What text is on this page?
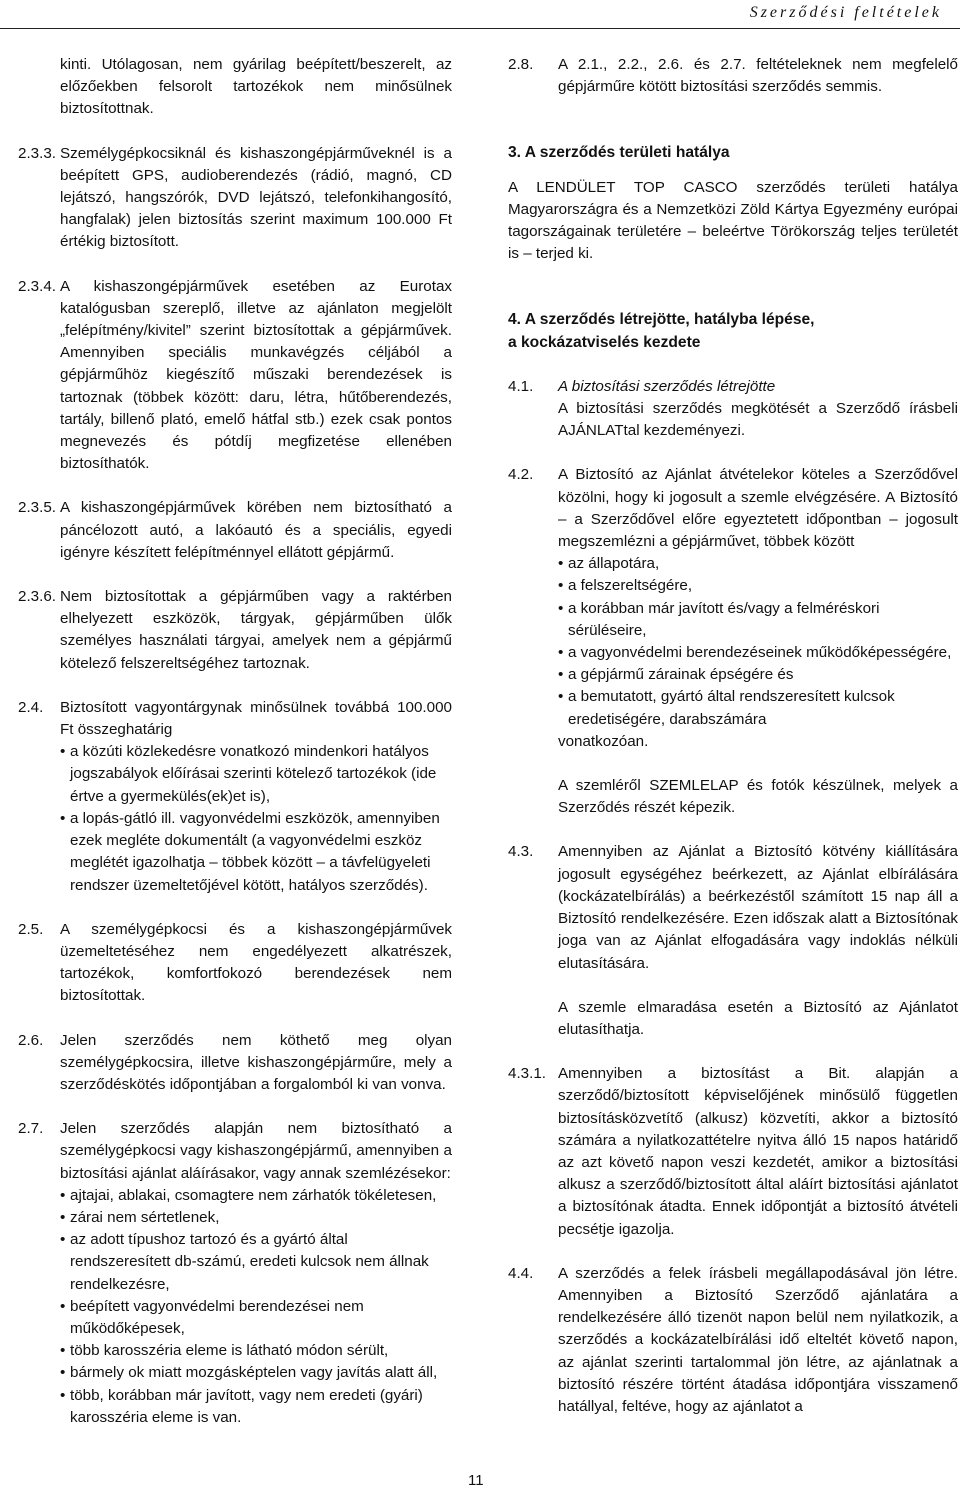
Szerződési feltételek
kinti. Utólagosan, nem gyárilag beépített/beszerelt, az előzőekben felsorolt tartozékok nem minősülnek biztosítottnak.
2.3.3. Személygépkocsiknál és kishaszongépjárműveknél is a beépített GPS, audioberendezés (rádió, magnó, CD lejátszó, hangszórók, DVD lejátszó, telefonkihangosító, hangfalak) jelen biztosítás szerint maximum 100.000 Ft értékig biztosított.
2.3.4. A kishaszongépjárművek esetében az Eurotax katalógusban szereplő, illetve az ajánlaton megjelölt „felépítmény/kivitel” szerint biztosítottak a gépjárművek. Amennyiben speciális munkavégzés céljából a gépjárműhöz kiegészítő műszaki berendezések is tartoznak (többek között: daru, létra, hűtőberendezés, tartály, billenő plató, emelő hátfal stb.) ezek csak pontos megnevezés és pótdíj megfizetése ellenében biztosíthatók.
2.3.5. A kishaszongépjárművek körében nem biztosítható a páncélozott autó, a lakóautó és a speciális, egyedi igényre készített felépítménnyel ellátott gépjármű.
2.3.6. Nem biztosítottak a gépjárműben vagy a raktérben elhelyezett eszközök, tárgyak, gépjárműben ülők személyes használati tárgyai, amelyek nem a gépjármű kötelező felszereltségéhez tartoznak.
2.4.	Biztosított vagyontárgynak minősülnek továbbá 100.000 Ft összeghatárig

• a közúti közlekedésre vonatkozó mindenkori hatályos jogszabályok előírásai szerinti kötelező tartozékok (ide értve a gyermekülés(ek)et is),
• a lopás-gátló ill. vagyonvédelmi eszközök, amennyiben ezek megléte dokumentált (a vagyonvédelmi eszköz meglétét igazolhatja – többek között – a távfelügyeleti rendszer üzemeltetőjével kötött, hatályos szerződés).
2.5.	A személygépkocsi és a kishaszongépjárművek üzemeltetéséhez nem engedélyezett alkatrészek, tartozékok, komfortfokozó berendezések nem biztosítottak.
2.6.	Jelen szerződés nem köthető meg olyan személygépkocsira, illetve kishaszongépjárműre, mely a szerződéskötés időpontjában a forgalomból ki van vonva.
2.7.	Jelen szerződés alapján nem biztosítható a személygépkocsi vagy kishaszongépjármű, amennyiben a biztosítási ajánlat aláírásakor, vagy annak szemlézésekor:

• ajtajai, ablakai, csomagtere nem zárhatók tökéletesen,
• zárai nem sértetlenek,
• az adott típushoz tartozó és a gyártó által rendszeresített db-számú, eredeti kulcsok nem állnak rendelkezésre,
• beépített vagyonvédelmi berendezései nem működőképesek,
• több karosszéria eleme is látható módon sérült,
• bármely ok miatt mozgásképtelen vagy javítás alatt áll,
• több, korábban már javított, vagy nem eredeti (gyári) karosszéria eleme is van.
2.8.	A 2.1., 2.2., 2.6. és 2.7. feltételeknek nem megfelelő gépjárműre kötött biztosítási szerződés semmis.
3. A szerződés területi hatálya
A LENDÜLET TOP CASCO szerződés területi hatálya Magyarországra és a Nemzetközi Zöld Kártya Egyezmény európai tagországainak területére – beleértve Törökország teljes területét is – terjed ki.
4. A szerződés létrejötte, hatályba lépése,
a kockázatviselés kezdete
4.1.	A biztosítási szerződés létrejötte

A biztosítási szerződés megkötését a Szerződő írásbeli AJÁNLATtal kezdeményezi.

4.2.	A Biztosító az Ajánlat átvételekor köteles a Szerződővel közölni, hogy ki jogosult a szemle elvégzésére. A Biztosító – a Szerződővel előre egyeztetett időpontban – jogosult megszemlézni a gépjárművet, többek között

• az állapotára,
• a felszereltségére,
• a korábban már javított és/vagy a felméréskori sérüléseire,
• a vagyonvédelmi berendezéseinek működőképességére,
• a gépjármű zárainak épségére és
• a bemutatott, gyártó által rendszeresített kulcsok eredetiségére, darabszámára

vonatkozóan.

A szemléről SZEMLELAP és fotók készülnek, melyek a Szerződés részét képezik.

4.3.	Amennyiben az Ajánlat a Biztosító kötvény kiállítására jogosult egységéhez beérkezett, az Ajánlat elbírálására (kockázatelbírálás) a beérkezéstől számított 15 nap áll a Biztosító rendelkezésére. Ezen időszak alatt a Biztosítónak joga van az Ajánlat elfogadására vagy indoklás nélküli elutasítására.

A szemle elmaradása esetén a Biztosító az Ajánlatot elutasíthatja.

4.3.1. Amennyiben a biztosítást a Bit. alapján a szerződő/biztosított képviselőjének minősülő független biztosításközvetítő (alkusz) közvetíti, akkor a biztosító számára a nyilatkozattételre nyitva álló 15 napos határidő az azt követő napon veszi kezdetét, amikor a biztosítási alkusz a szerződő/biztosított által aláírt biztosítási ajánlatot a biztosítónak átadta. Ennek időpontját a biztosító átvételi pecsétje igazolja.
4.4.	A szerződés a felek írásbeli megállapodásával jön létre. Amennyiben a Biztosító Szerződő ajánlatára a rendelkezésére álló tizenöt napon belül nem nyilatkozik, a szerződés a kockázatelbírálási idő elteltét követő napon, az ajánlat szerinti tartalommal jön létre, az ajánlatnak a biztosító részére történt átadása időpontjára visszamenő hatállyal, feltéve, hogy az ajánlatot a
11
